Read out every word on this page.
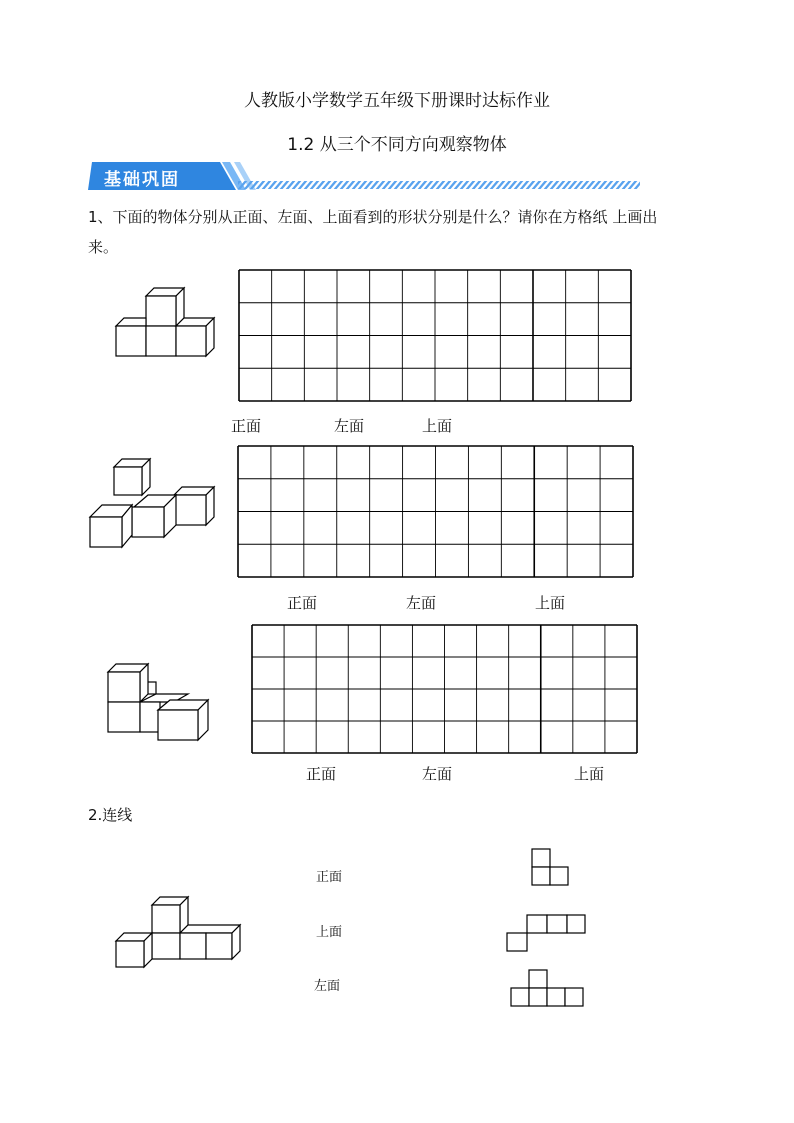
人教版小学数学五年级下册课时达标作业
1.2 从三个不同方向观察物体
基础巩固
1、下面的物体分别从正面、左面、上面看到的形状分别是什么？请你在方格纸 上画出
来。
正面	左面	上面
正面	左面	上面
正面	左面	上面
2.连线
正面
上面
左面
